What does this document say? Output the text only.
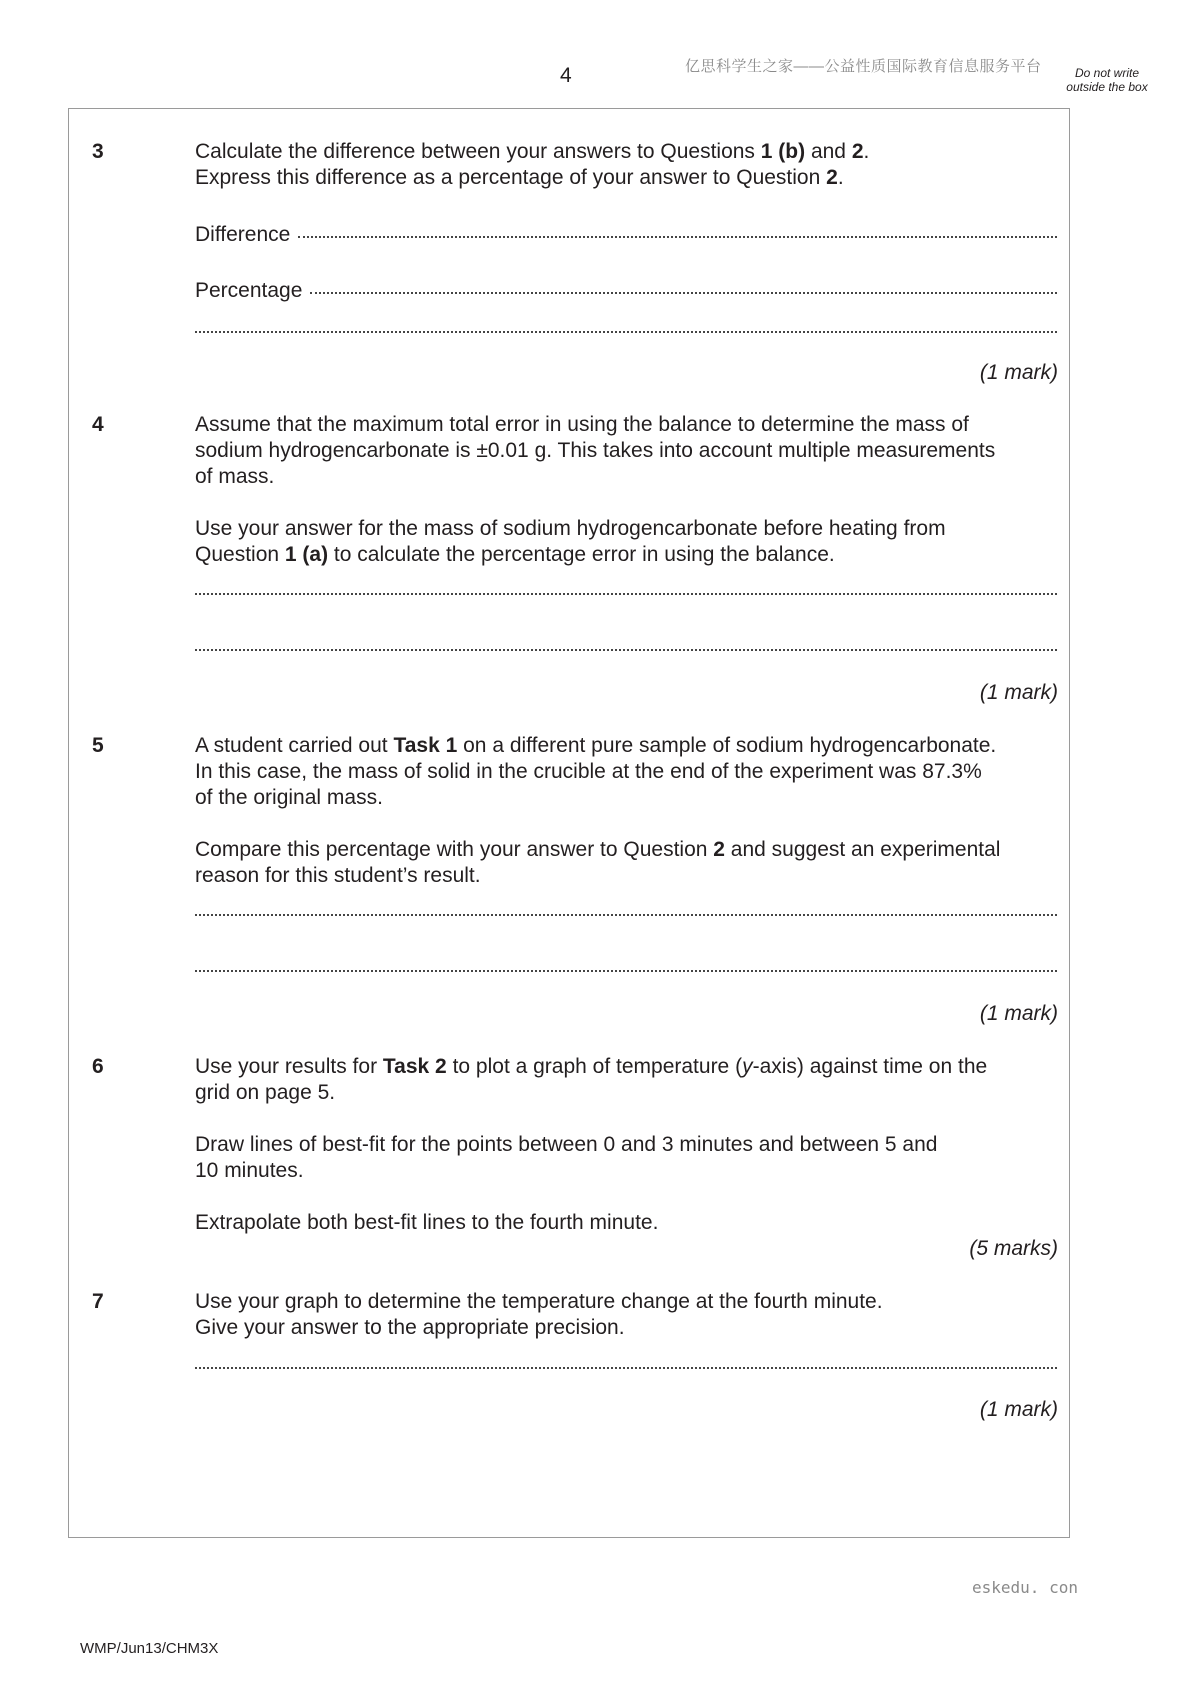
4	亿思科学生之家——公益性质国际教育信息服务平台	Do not write outside the box
3	Calculate the difference between your answers to Questions 1 (b) and 2.
Express this difference as a percentage of your answer to Question 2.
Difference
Percentage
(1 mark)
4	Assume that the maximum total error in using the balance to determine the mass of
sodium hydrogencarbonate is ±0.01 g. This takes into account multiple measurements
of mass.
Use your answer for the mass of sodium hydrogencarbonate before heating from
Question 1 (a) to calculate the percentage error in using the balance.
(1 mark)
5	A student carried out Task 1 on a different pure sample of sodium hydrogencarbonate.
In this case, the mass of solid in the crucible at the end of the experiment was 87.3%
of the original mass.
Compare this percentage with your answer to Question 2 and suggest an experimental
reason for this student’s result.
(1 mark)
6	Use your results for Task 2 to plot a graph of temperature (y-axis) against time on the
grid on page 5.
Draw lines of best-fit for the points between 0 and 3 minutes and between 5 and
10 minutes.
Extrapolate both best-fit lines to the fourth minute.
(5 marks)
7	Use your graph to determine the temperature change at the fourth minute.
Give your answer to the appropriate precision.
(1 mark)
eskedu. con
WMP/Jun13/CHM3X
